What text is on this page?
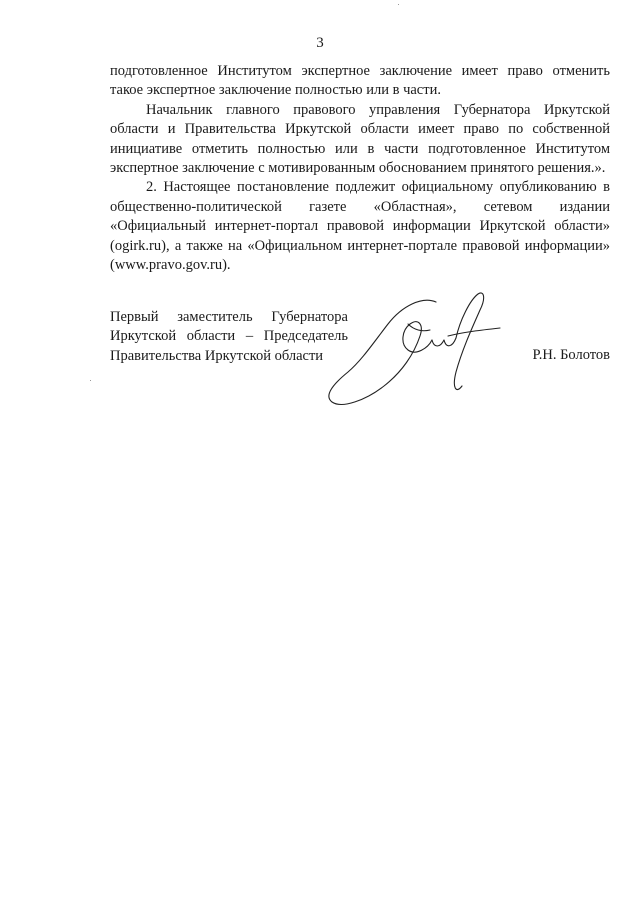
3

подготовленное Институтом экспертное заключение имеет право отменить такое экспертное заключение полностью или в части.

Начальник главного правового управления Губернатора Иркутской области и Правительства Иркутской области имеет право по собственной инициативе отметить полностью или в части подготовленное Институтом экспертное заключение с мотивированным обоснованием принятого решения.».

2. Настоящее постановление подлежит официальному опубликованию в общественно-политической газете «Областная», сетевом издании «Официальный интернет-портал правовой информации Иркутской области» (ogirk.ru), а также на «Официальном интернет-портале правовой информации» (www.pravo.gov.ru).

Первый заместитель Губернатора
Иркутской области – Председатель
Правительства Иркутской области	Р.Н. Болотов
